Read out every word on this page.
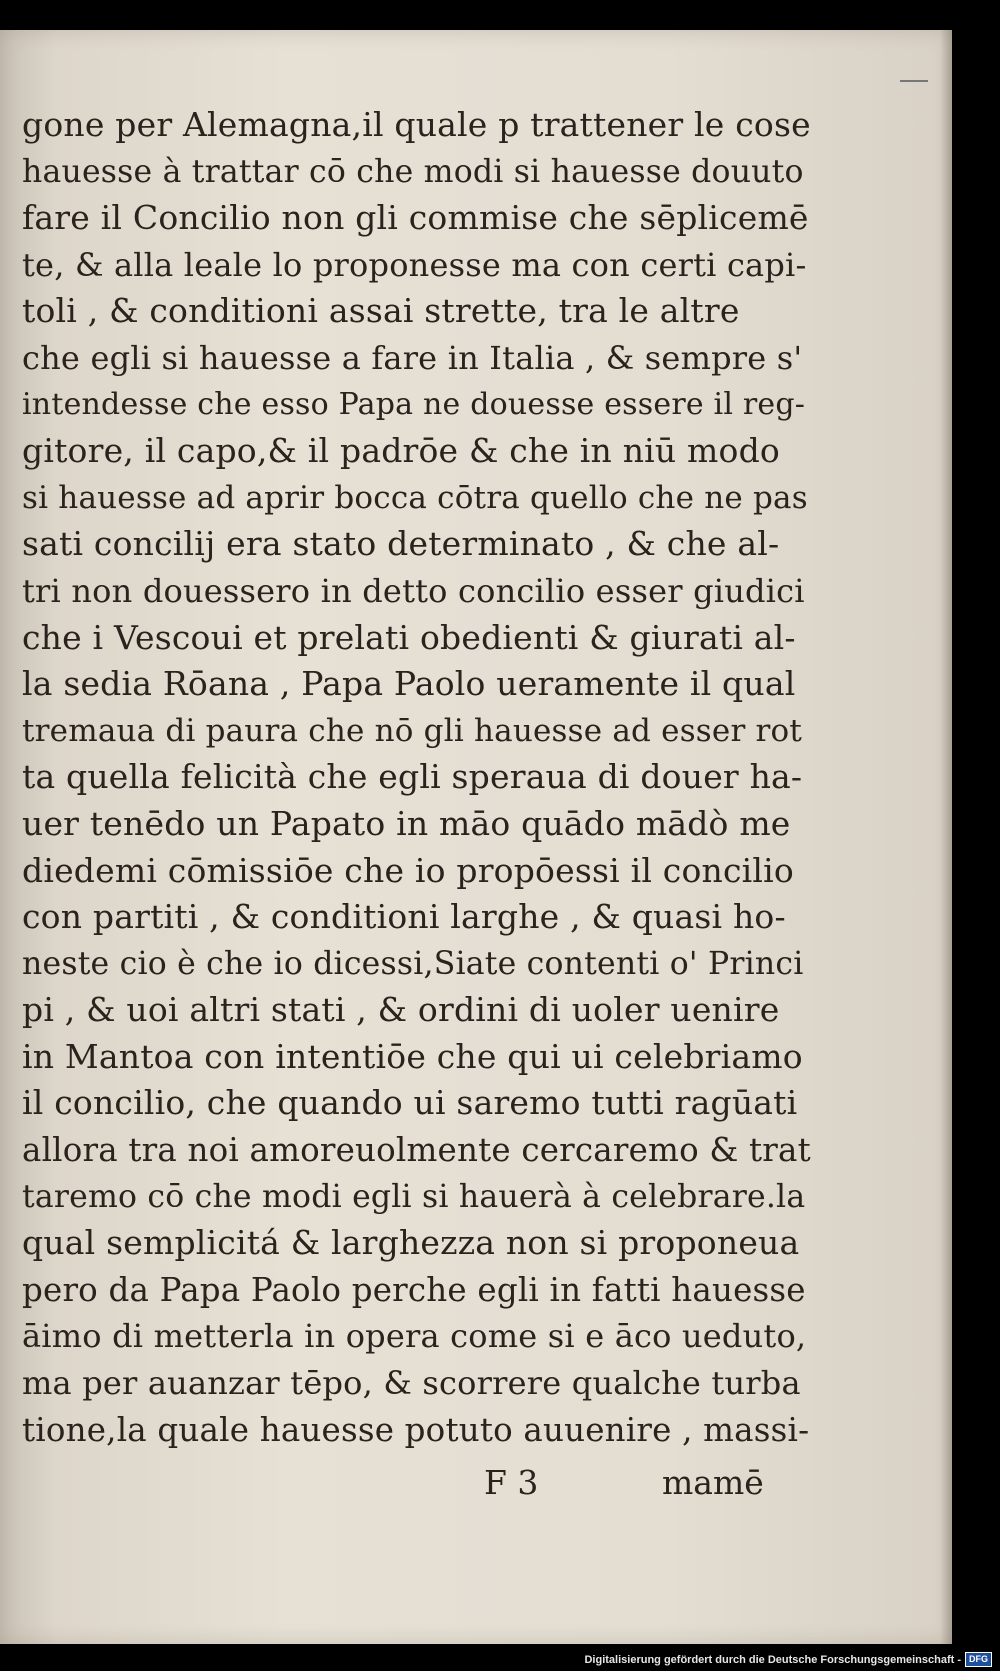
gone per Alemagna,il quale p trattener le cose
hauesse à trattar cō che modi si hauesse douuto
fare il Concilio non gli commise che sēplicemē
te, & alla leale lo proponesse ma con certi capi-
toli , & conditioni assai strette, tra le altre
che egli si hauesse a fare in Italia , & sempre s'
intendesse che esso Papa ne douesse essere il reg-
gitore, il capo,& il padrōe & che in niū modo
si hauesse ad aprir bocca cōtra quello che ne pas
sati concilij era stato determinato , & che al-
tri non douessero in detto concilio esser giudici
che i Vescoui et prelati obedienti & giurati al-
la sedia Rōana , Papa Paolo ueramente il qual
tremaua di paura che nō gli hauesse ad esser rot
ta quella felicità che egli speraua di douer ha-
uer tenēdo un Papato in māo quādo mādò me
diedemi cōmissiōe che io propōessi il concilio
con partiti , & conditioni larghe , & quasi ho-
neste cio è che io dicessi,Siate contenti o' Princi
pi , & uoi altri stati , & ordini di uoler uenire
in Mantoa con intentiōe che qui ui celebriamo
il concilio, che quando ui saremo tutti ragūati
allora tra noi amoreuolmente cercaremo & trat
taremo cō che modi egli si hauerà à celebrare.la
qual semplicitá & larghezza non si proponeua
pero da Papa Paolo perche egli in fatti hauesse
āimo di metterla in opera come si e āco ueduto,
ma per auanzar tēpo, & scorrere qualche turba
tione,la quale hauesse potuto auuenire , massi-
F 3	mamē
Digitalisierung gefördert durch die Deutsche Forschungsgemeinschaft - DFG
